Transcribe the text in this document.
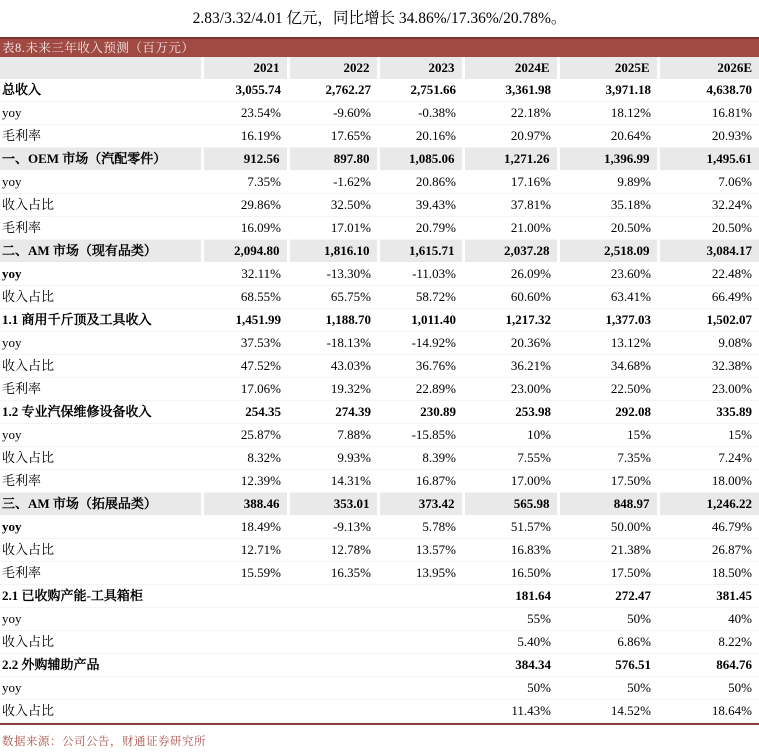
2.83/3.32/4.01 亿元，同比增长 34.86%/17.36%/20.78%。

表8.未来三年收入预测（百万元）
	2021	2022	2023	2024E	2025E	2026E
总收入	3,055.74	2,762.27	2,751.66	3,361.98	3,971.18	4,638.70
yoy	23.54%	-9.60%	-0.38%	22.18%	18.12%	16.81%
毛利率	16.19%	17.65%	20.16%	20.97%	20.64%	20.93%
一、OEM 市场（汽配零件）	912.56	897.80	1,085.06	1,271.26	1,396.99	1,495.61
yoy	7.35%	-1.62%	20.86%	17.16%	9.89%	7.06%
收入占比	29.86%	32.50%	39.43%	37.81%	35.18%	32.24%
毛利率	16.09%	17.01%	20.79%	21.00%	20.50%	20.50%
二、AM 市场（现有品类）	2,094.80	1,816.10	1,615.71	2,037.28	2,518.09	3,084.17
yoy	32.11%	-13.30%	-11.03%	26.09%	23.60%	22.48%
收入占比	68.55%	65.75%	58.72%	60.60%	63.41%	66.49%
1.1 商用千斤顶及工具收入	1,451.99	1,188.70	1,011.40	1,217.32	1,377.03	1,502.07
yoy	37.53%	-18.13%	-14.92%	20.36%	13.12%	9.08%
收入占比	47.52%	43.03%	36.76%	36.21%	34.68%	32.38%
毛利率	17.06%	19.32%	22.89%	23.00%	22.50%	23.00%
1.2 专业汽保维修设备收入	254.35	274.39	230.89	253.98	292.08	335.89
yoy	25.87%	7.88%	-15.85%	10%	15%	15%
收入占比	8.32%	9.93%	8.39%	7.55%	7.35%	7.24%
毛利率	12.39%	14.31%	16.87%	17.00%	17.50%	18.00%
三、AM 市场（拓展品类）	388.46	353.01	373.42	565.98	848.97	1,246.22
yoy	18.49%	-9.13%	5.78%	51.57%	50.00%	46.79%
收入占比	12.71%	12.78%	13.57%	16.83%	21.38%	26.87%
毛利率	15.59%	16.35%	13.95%	16.50%	17.50%	18.50%
2.1 已收购产能-工具箱柜				181.64	272.47	381.45
yoy				55%	50%	40%
收入占比				5.40%	6.86%	8.22%
2.2 外购辅助产品				384.34	576.51	864.76
yoy				50%	50%	50%
收入占比				11.43%	14.52%	18.64%
数据来源：公司公告，财通证券研究所
